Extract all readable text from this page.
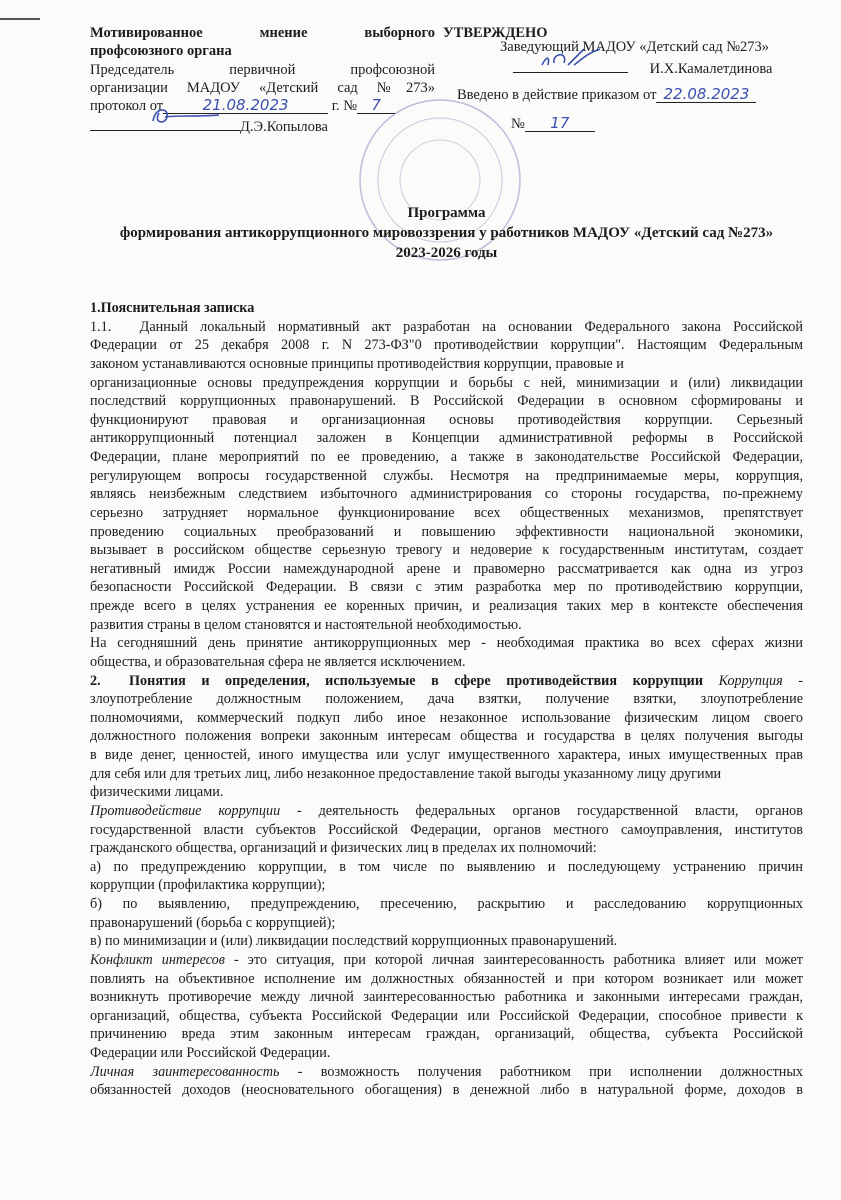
Мотивированное мнение выборного
профсоюзного органа
Председатель первичной профсоюзной
организации МАДОУ «Детский сад №273»
протокол от	21.08.2023	г. № 7
Д.Э.Копылова
УТВЕРЖДЕНО
Заведующий МАДОУ «Детский сад №273»
И.Х.Камалетдинова
Введено в действие приказом от 22.08.2023
№ 17
Программа
формирования антикоррупционного мировоззрения у работников МАДОУ «Детский сад №273»
2023-2026 годы
1.Пояснительная записка
1.1.  Данный локальный нормативный акт разработан на основании Федерального закона Российской
Федерации от 25 декабря 2008 г. N 273-ФЗ"0 противодействии коррупции". Настоящим Федеральным
законом устанавливаются основные принципы противодействия коррупции, правовые и
организационные основы предупреждения коррупции и борьбы с ней, минимизации и (или) ликвидации
последствий коррупционных правонарушений. В Российской Федерации в основном сформированы и
функционируют правовая и организационная основы противодействия коррупции. Серьезный
антикоррупционный потенциал заложен в Концепции административной реформы в Российской
Федерации, плане мероприятий по ее проведению, а также в законодательстве Российской Федерации,
регулирующем вопросы государственной службы. Несмотря на предпринимаемые меры, коррупция,
являясь неизбежным следствием избыточного администрирования со стороны государства, по-прежнему
серьезно затрудняет нормальное функционирование всех общественных механизмов, препятствует
проведению социальных преобразований и повышению эффективности национальной экономики,
вызывает в российском обществе серьезную тревогу и недоверие к государственным институтам, создает
негативный имидж России намеждународной арене и правомерно рассматривается как одна из угроз
безопасности Российской Федерации. В связи с этим разработка мер по противодействию коррупции,
прежде всего в целях устранения ее коренных причин, и реализация таких мер в контексте обеспечения
развития страны в целом становятся и настоятельной необходимостью.
На сегодняшний день принятие антикоррупционных мер - необходимая практика во всех сферах жизни
общества, и образовательная сфера не является исключением.
2.  Понятия и определения, используемые в сфере противодействия коррупции Коррупция -
злоупотребление должностным положением, дача взятки, получение взятки, злоупотребление
полномочиями, коммерческий подкуп либо иное незаконное использование физическим лицом своего
должностного положения вопреки законным интересам общества и государства в целях получения выгоды
в виде денег, ценностей, иного имущества или услуг имущественного характера, иных имущественных прав
для себя или для третьих лиц, либо незаконное предоставление такой выгоды указанному лицу другими
физическими лицами.
Противодействие коррупции - деятельность федеральных органов государственной власти, органов
государственной власти субъектов Российской Федерации, органов местного самоуправления, институтов
гражданского общества, организаций и физических лиц в пределах их полномочий:
а) по предупреждению коррупции, в том числе по выявлению и последующему устранению причин
коррупции (профилактика коррупции);
б) по выявлению, предупреждению, пресечению, раскрытию и расследованию коррупционных
правонарушений (борьба с коррупцией);
в) по минимизации и (или) ликвидации последствий коррупционных правонарушений.
Конфликт интересов - это ситуация, при которой личная заинтересованность работника влияет или может
повлиять на объективное исполнение им должностных обязанностей и при котором возникает или может
возникнуть противоречие между личной заинтересованностью работника и законными интересами граждан,
организаций, общества, субъекта Российской Федерации или Российской Федерации, способное привести к
причинению вреда этим законным интересам граждан, организаций, общества, субъекта Российской
Федерации или Российской Федерации.
Личная заинтересованность - возможность получения работником при исполнении должностных
обязанностей доходов (неосновательного обогащения) в денежной либо в натуральной форме, доходов в
